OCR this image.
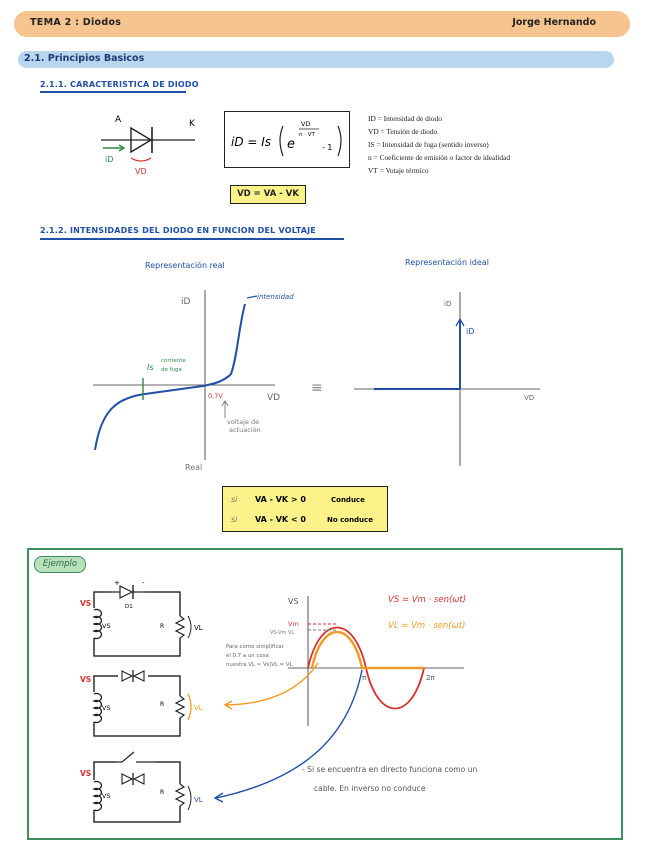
TEMA 2 : Diodos	Jorge Hernando
2.1. Principios Basicos
2.1.1. CARACTERISTICA DE DIODO
A	K
iD
VD
iD = Is e
VD
n · VT
- 1
ID = Intensidad de diodo
VD = Tensión de diodo
IS = Intensidad de fuga (sentido inverso)
n = Coeficiente de emisión o factor de idealidad
VT = Votaje térmico
VD = VA - VK
2.1.2. INTENSIDADES DEL DIODO EN FUNCION DEL VOLTAJE
Representación real	Representación ideal
iD
VD
Real
intensidad
Is
corriente
de fuga
0,7V
voltaje de
actuación
≡
iD
iD
VD
si VA - VK > 0	Conduce
si VA - VK < 0	No conduce
Ejemplo
VS
VS
D1
R	VL
+	-
VS
VS	R	VL
VS
VS	R
VL
VS
Vm
VS-Vm VL
π	2π
VS = Vm · sen(ωt)
VL = Vm · sen(ωt)
Para como simplificar
el 0,7 a un cosa
nuestra VL ≈ Vs|VL = VL
- Si se encuentra en directo funciona como un
cable. En inverso no conduce
